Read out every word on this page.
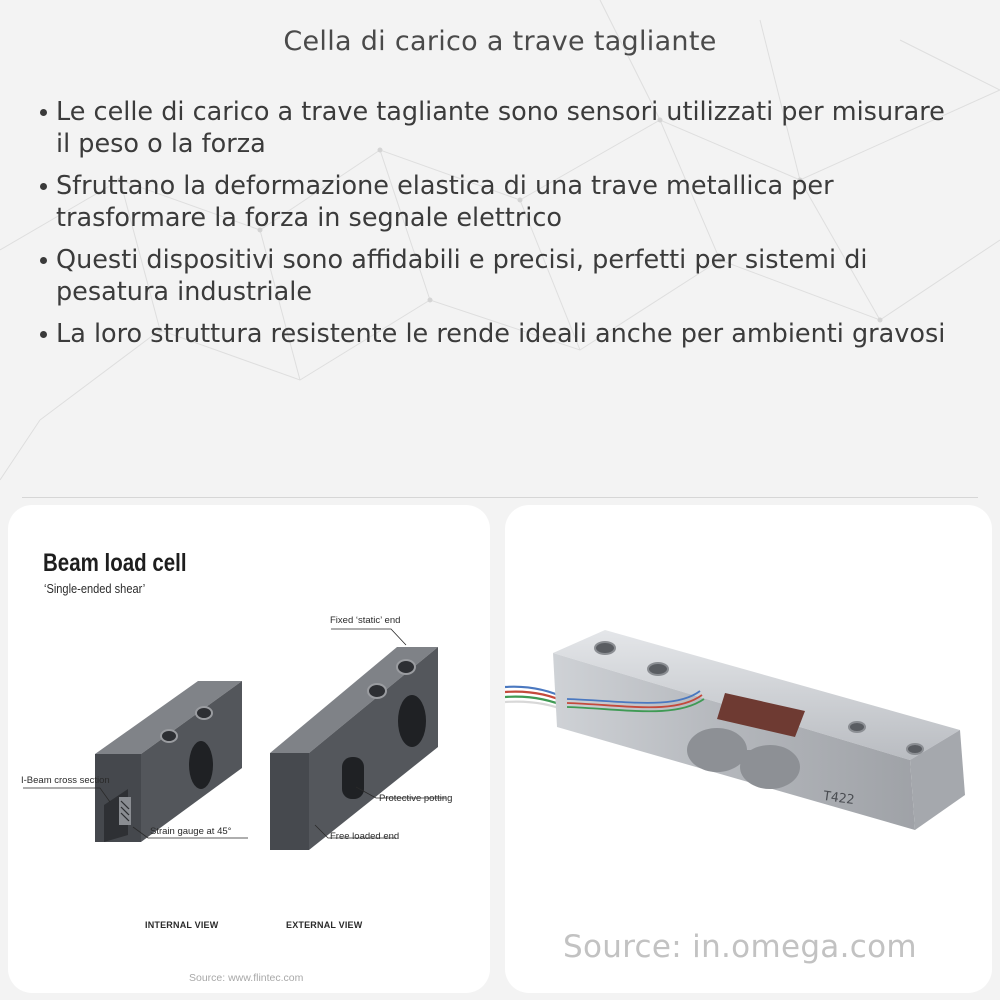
Cella di carico a trave tagliante
Le celle di carico a trave tagliante sono sensori utilizzati per misurare il peso o la forza
Sfruttano la deformazione elastica di una trave metallica per trasformare la forza in segnale elettrico
Questi dispositivi sono affidabili e precisi, perfetti per sistemi di pesatura industriale
La loro struttura resistente le rende ideali anche per ambienti gravosi
Beam load cell
‘Single-ended shear’
Fixed ‘static’ end
I-Beam cross section
Strain gauge at 45°
Protective potting
Free loaded end
INTERNAL VIEW	EXTERNAL VIEW
Source: www.flintec.com
T422
Source: in.omega.com
